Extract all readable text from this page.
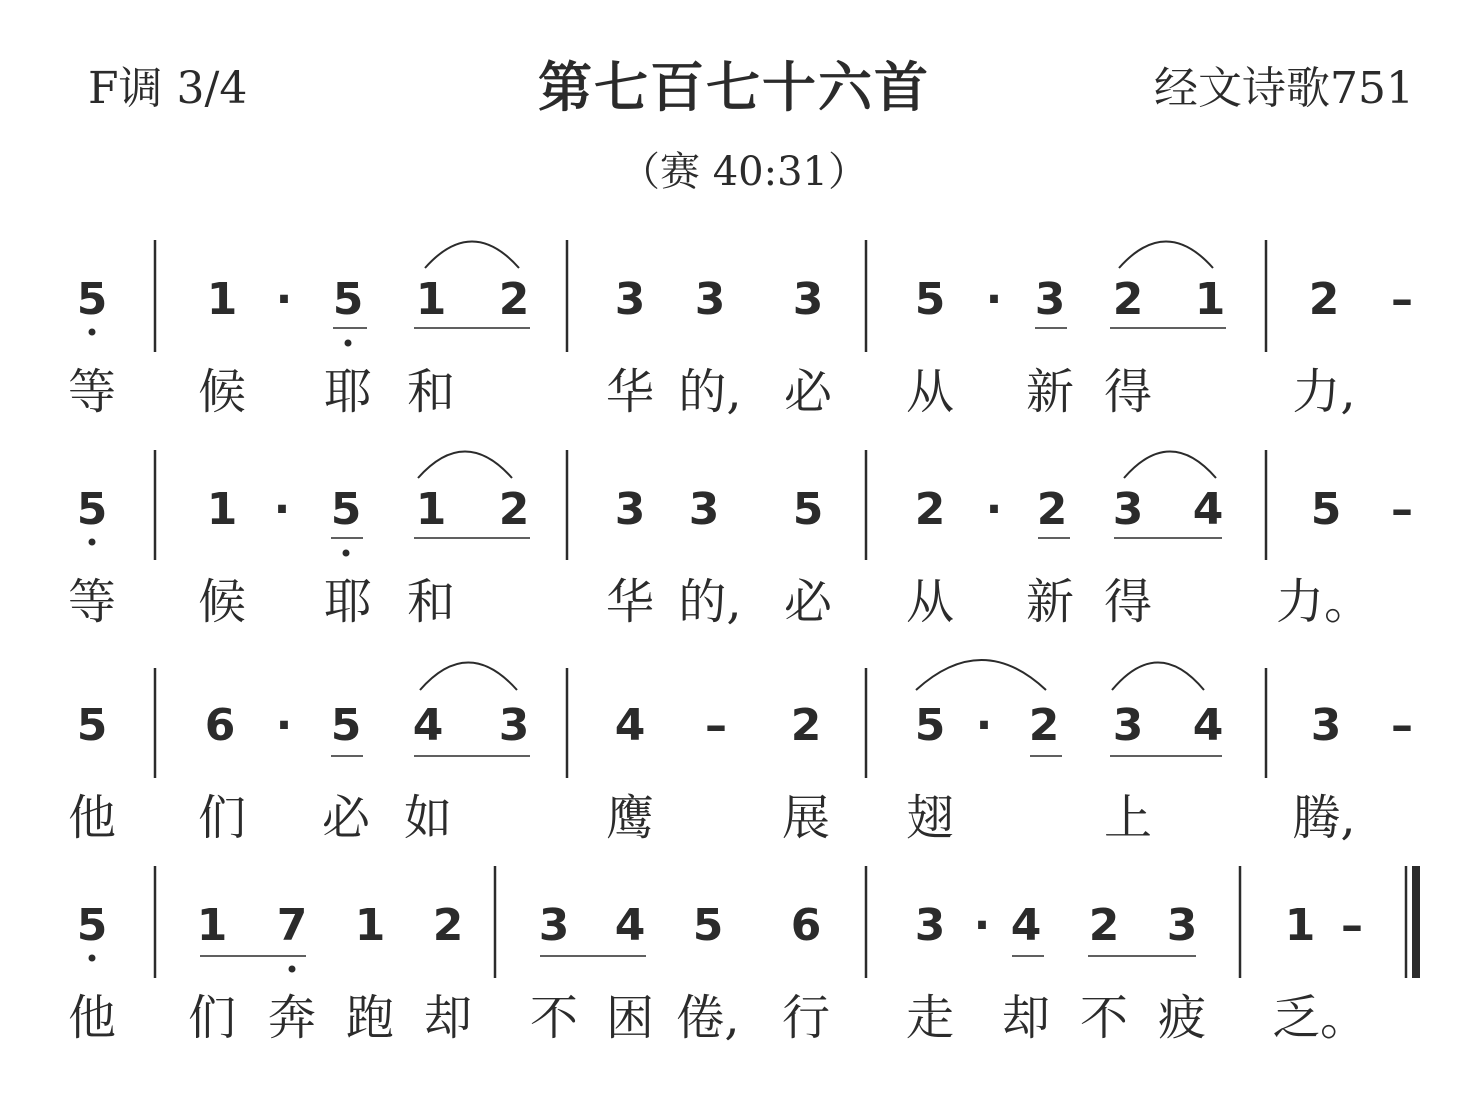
F调 3/4	第七百七十六首	经文诗歌751
（赛 40:31）
5 1 · 5 1 2 3 3 3 5 · 3 2 1 2 –
等 候 耶 和	华 的, 必 从 新 得	力,
5 1 · 5 1 2 3 3 5 2 · 2 3 4 5 –
等 候 耶 和	华 的, 必 从 新 得	力。
5 6 · 5 4 3 4 – 2 5 · 2 3 4 3 –
他 们 必 如	鹰	展 翅	上	腾,
5 1 7 1 2 3 4 5 6 3 · 4 2 3 1 –
他 们 奔 跑 却 不 困 倦, 行 走 却 不 疲 乏。
